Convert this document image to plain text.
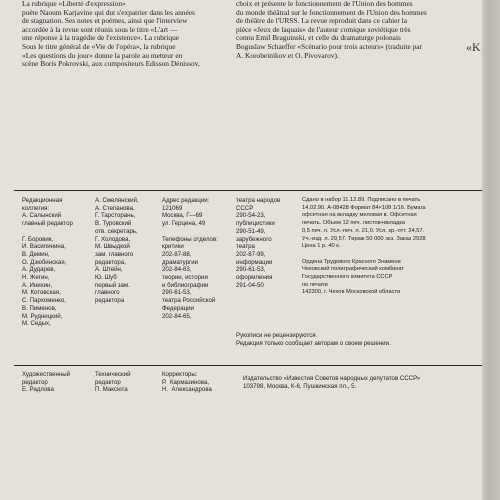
La rubrique «Liberté d'expression»
poète Naoum Karjavine qui dut s'expatrier dans les années
de stagnation. Ses notes et poèmes, ainsi que l'interview
accordée à la revue sont réunis sous le titre «L'art —
une réponse à la tragédie de l'existence». La rubrique
Sous le titre général de «Vie de l'opéra», la rubrique
«Les questions du jour» donne la parole au metteur en
scène Boris Pokrovski, aux compositeurs Edisson Dénissov,
choix et présente le fonctionnement de l'Union des hommes
du monde théâtral sur le fonctionnement de l'Union des hommes
de théâtre de l'URSS. La revue reproduit dans ce cahier la
pièce «Jeux de laquais» de l'auteur comique soviétique très
connu Emil Braguinski, et celle du dramaturge polonais
Boguslaw Schaeffer «Scénario pour trois acteurs» (traduite par
A. Korobeinikov et O. Pivovarov).
«K
Редакционная
коллегия:
А. Салынский
главный редактор

Г. Боровик,
И. Василинина,
В. Демин,
О. Дзюбинская,
А. Дударев,
Н. Жегин,
А. Инихин,
М. Котовская,
С. Пархоменко,
В. Пименов,
М. Рудницкий,
М. Седых,
А. Смелянский,
А. Степанова,
Г. Тарсторань,
В. Туровский
отв. секретарь,
Г. Холодова,
М. Швыдкой
зам. главного
редактора,
А. Штейн,
Ю. Шуб
первый зам.
главного
редактора
Адрес редакции:
121069
Москва, Г—69
ул. Герцена, 49

Телефоны отделов:
критики
202-87-88,
драматургии
202-84-63,
теории, истории
и библиографии
290-61-53,
театра Российской
Федерации
202-84-65,
театра народов
СССР
290-54-23,
публицистики
290-51-49,
зарубежного
театра
202-87-99,
информации
290-61-53,
оформления
291-04-50
Сдано в набор 11.12.89. Подписано в печать
14.02.90. А-08428 Формат 84×108 1/16. Бумага
офсетная на вкладку меловая в. Офсетная
печать. Объем 12 печ. листов+вкладка
0,5 печ. л. Усл.-печ. л. 21,0. Усл. кр.-отт. 24,57.
Уч.-изд. л. 29,57. Тираж 50 000 экз. Заказ 2928
Цена 1 р. 40 к.

Ордена Трудового Красного Знамени
Чеховский полиграфический комбинат
Государственного комитета СССР
по печати
142300, г. Чехов Московской области
Рукописи не рецензируются.
Редакция только сообщает авторам о своем решении.
Художественный
редактор
Е. Радлова
Технический
редактор
П. Максюта
Корректоры:
Р.  Кармазинова,
Н.  Александрова
Издательство «Известия Советов народных депутатов СССР»
103798, Москва, К-6, Пушкинская пл., 5.
